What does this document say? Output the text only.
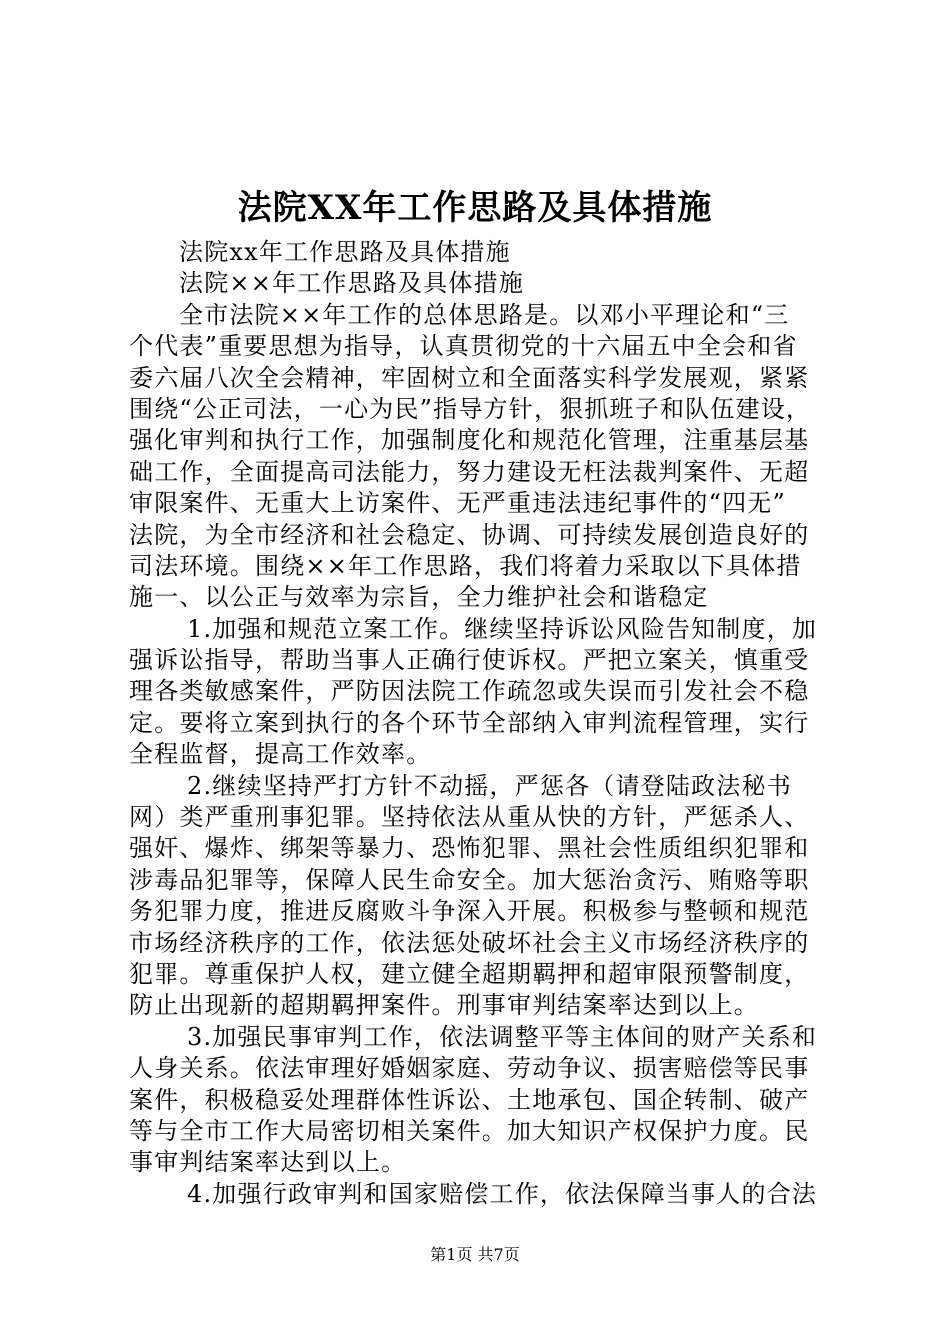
法院XX年工作思路及具体措施
法院xx年工作思路及具体措施
法院××年工作思路及具体措施
全市法院××年工作的总体思路是。以邓小平理论和“三
个代表”重要思想为指导，认真贯彻党的十六届五中全会和省
委六届八次全会精神，牢固树立和全面落实科学发展观，紧紧
围绕“公正司法，一心为民”指导方针，狠抓班子和队伍建设，
强化审判和执行工作，加强制度化和规范化管理，注重基层基
础工作，全面提高司法能力，努力建设无枉法裁判案件、无超
审限案件、无重大上访案件、无严重违法违纪事件的“四无”
法院，为全市经济和社会稳定、协调、可持续发展创造良好的
司法环境。围绕××年工作思路，我们将着力采取以下具体措
施一、以公正与效率为宗旨，全力维护社会和谐稳定
1.加强和规范立案工作。继续坚持诉讼风险告知制度，加
强诉讼指导，帮助当事人正确行使诉权。严把立案关，慎重受
理各类敏感案件，严防因法院工作疏忽或失误而引发社会不稳
定。要将立案到执行的各个环节全部纳入审判流程管理，实行
全程监督，提高工作效率。
2.继续坚持严打方针不动摇，严惩各（请登陆政法秘书
网）类严重刑事犯罪。坚持依法从重从快的方针，严惩杀人、
强奸、爆炸、绑架等暴力、恐怖犯罪、黑社会性质组织犯罪和
涉毒品犯罪等，保障人民生命安全。加大惩治贪污、贿赂等职
务犯罪力度，推进反腐败斗争深入开展。积极参与整顿和规范
市场经济秩序的工作，依法惩处破坏社会主义市场经济秩序的
犯罪。尊重保护人权，建立健全超期羁押和超审限预警制度，
防止出现新的超期羁押案件。刑事审判结案率达到以上。
3.加强民事审判工作，依法调整平等主体间的财产关系和
人身关系。依法审理好婚姻家庭、劳动争议、损害赔偿等民事
案件，积极稳妥处理群体性诉讼、土地承包、国企转制、破产
等与全市工作大局密切相关案件。加大知识产权保护力度。民
事审判结案率达到以上。
4.加强行政审判和国家赔偿工作，依法保障当事人的合法
第1页 共7页
